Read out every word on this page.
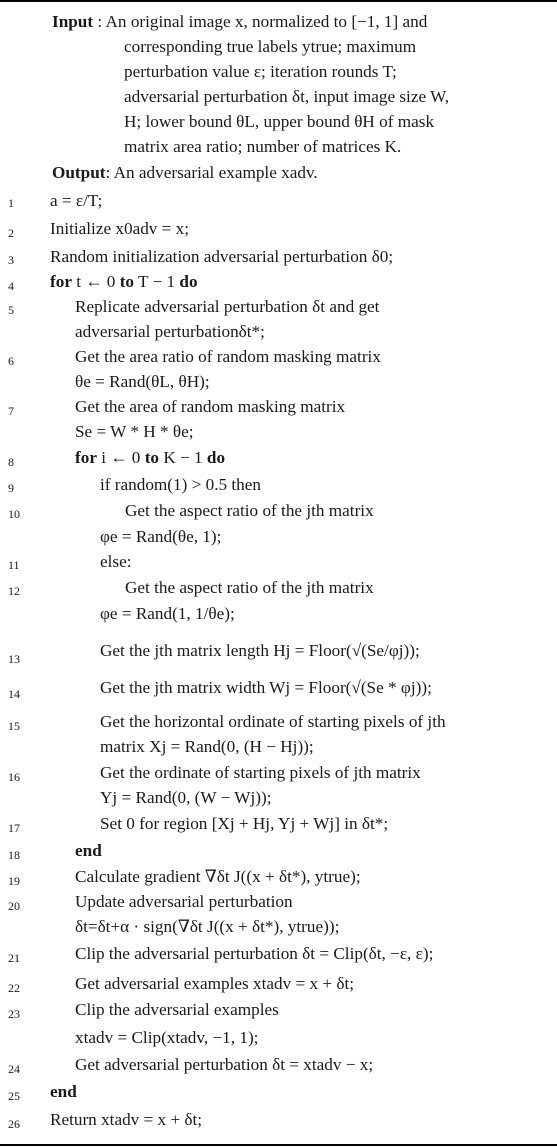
Input : An original image x, normalized to [−1, 1] and
corresponding true labels ytrue; maximum
perturbation value ε; iteration rounds T;
adversarial perturbation δt, input image size W,
H; lower bound θL, upper bound θH of mask
matrix area ratio; number of matrices K.
Output: An adversarial example xadv.
1	a = ε/T;
2	Initialize x0adv = x;
3	Random initialization adversarial perturbation δ0;
4	for t ← 0 to T − 1 do
5	Replicate adversarial perturbation δt and get
adversarial perturbationδt*;
6	Get the area ratio of random masking matrix
θe = Rand(θL, θH);
7	Get the area of random masking matrix
Se = W * H * θe;
8	for i ← 0 to K − 1 do
9	if random(1) > 0.5 then
10	Get the aspect ratio of the jth matrix
φe = Rand(θe, 1);
11	else:
12	Get the aspect ratio of the jth matrix
φe = Rand(1, 1/θe);
13	Get the jth matrix length Hj = Floor(√(Se/φj));
14	Get the jth matrix width Wj = Floor(√(Se * φj));
15	Get the horizontal ordinate of starting pixels of jth
matrix Xj = Rand(0, (H − Hj));
16	Get the ordinate of starting pixels of jth matrix
Yj = Rand(0, (W − Wj));
17	Set 0 for region [Xj + Hj, Yj + Wj] in δt*;
18	end
19	Calculate gradient ∇δt J((x + δt*), ytrue);
20	Update adversarial perturbation
δt=δt+α · sign(∇δt J((x + δt*), ytrue));
21	Clip the adversarial perturbation δt = Clip(δt, −ε, ε);
22	Get adversarial examples xtadv = x + δt;
23	Clip the adversarial examples
xtadv = Clip(xtadv, −1, 1);
24	Get adversarial perturbation δt = xtadv − x;
25	end
26	Return xtadv = x + δt;
